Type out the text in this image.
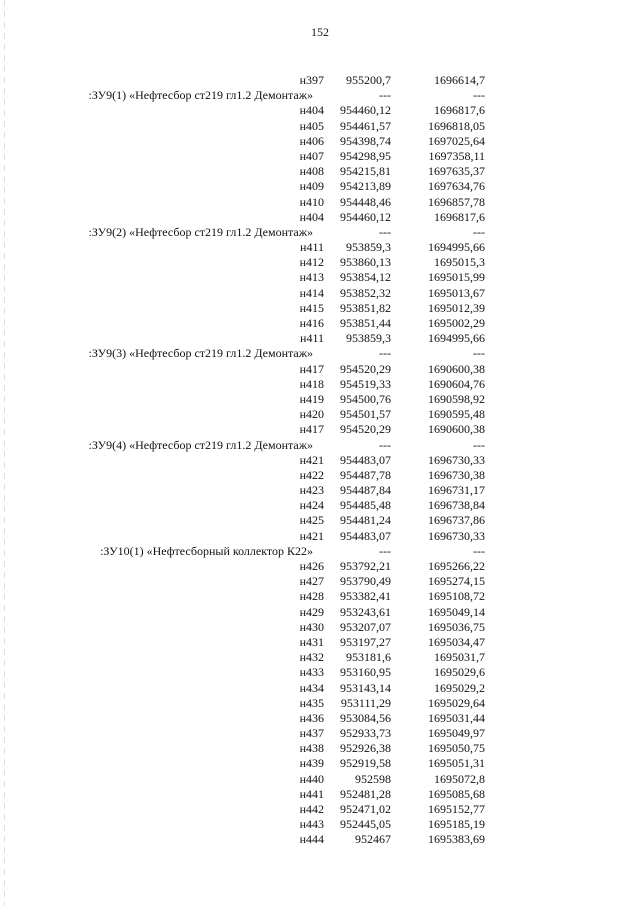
152
н397 955200,7	1696614,7
:ЗУ9(1) «Нефтесбор ст219 гл1.2 Демонтаж»	---	---
н404 954460,12	1696817,6
н405 954461,57	1696818,05
н406 954398,74	1697025,64
н407 954298,95	1697358,11
н408 954215,81	1697635,37
н409 954213,89	1697634,76
н410 954448,46	1696857,78
н404 954460,12	1696817,6
:ЗУ9(2) «Нефтесбор ст219 гл1.2 Демонтаж»	---	---
н411 953859,3	1694995,66
н412 953860,13	1695015,3
н413 953854,12	1695015,99
н414 953852,32	1695013,67
н415 953851,82	1695012,39
н416 953851,44	1695002,29
н411 953859,3	1694995,66
:ЗУ9(3) «Нефтесбор ст219 гл1.2 Демонтаж»	---	---
н417 954520,29	1690600,38
н418 954519,33	1690604,76
н419 954500,76	1690598,92
н420 954501,57	1690595,48
н417 954520,29	1690600,38
:ЗУ9(4) «Нефтесбор ст219 гл1.2 Демонтаж»	---	---
н421 954483,07	1696730,33
н422 954487,78	1696730,38
н423 954487,84	1696731,17
н424 954485,48	1696738,84
н425 954481,24	1696737,86
н421 954483,07	1696730,33
:ЗУ10(1) «Нефтесборный коллектор К22»	---	---
н426 953792,21	1695266,22
н427 953790,49	1695274,15
н428 953382,41	1695108,72
н429 953243,61	1695049,14
н430 953207,07	1695036,75
н431 953197,27	1695034,47
н432 953181,6	1695031,7
н433 953160,95	1695029,6
н434 953143,14	1695029,2
н435 953111,29	1695029,64
н436 953084,56	1695031,44
н437 952933,73	1695049,97
н438 952926,38	1695050,75
н439 952919,58	1695051,31
н440	952598	1695072,8
н441 952481,28	1695085,68
н442 952471,02	1695152,77
н443 952445,05	1695185,19
н444	952467	1695383,69
